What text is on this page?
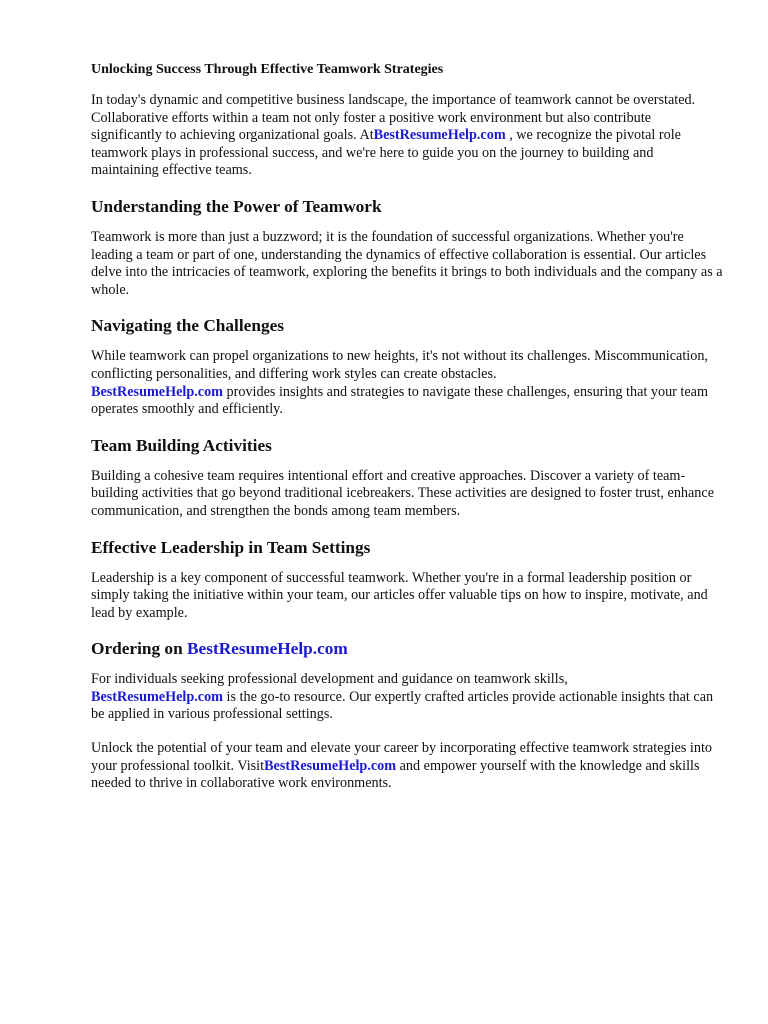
Unlocking Success Through Effective Teamwork Strategies

In today's dynamic and competitive business landscape, the importance of teamwork cannot be overstated. Collaborative efforts within a team not only foster a positive work environment but also contribute significantly to achieving organizational goals. AtBestResumeHelp.com , we recognize the pivotal role teamwork plays in professional success, and we're here to guide you on the journey to building and maintaining effective teams.

Understanding the Power of Teamwork

Teamwork is more than just a buzzword; it is the foundation of successful organizations. Whether you're leading a team or part of one, understanding the dynamics of effective collaboration is essential. Our articles delve into the intricacies of teamwork, exploring the benefits it brings to both individuals and the company as a whole.

Navigating the Challenges

While teamwork can propel organizations to new heights, it's not without its challenges. Miscommunication, conflicting personalities, and differing work styles can create obstacles.
BestResumeHelp.com provides insights and strategies to navigate these challenges, ensuring that your team operates smoothly and efficiently.

Team Building Activities

Building a cohesive team requires intentional effort and creative approaches. Discover a variety of team-building activities that go beyond traditional icebreakers. These activities are designed to foster trust, enhance communication, and strengthen the bonds among team members.

Effective Leadership in Team Settings

Leadership is a key component of successful teamwork. Whether you're in a formal leadership position or simply taking the initiative within your team, our articles offer valuable tips on how to inspire, motivate, and lead by example.

Ordering on BestResumeHelp.com

For individuals seeking professional development and guidance on teamwork skills,
BestResumeHelp.com is the go-to resource. Our expertly crafted articles provide actionable insights that can be applied in various professional settings.

Unlock the potential of your team and elevate your career by incorporating effective teamwork strategies into your professional toolkit. VisitBestResumeHelp.com and empower yourself with the knowledge and skills needed to thrive in collaborative work environments.
